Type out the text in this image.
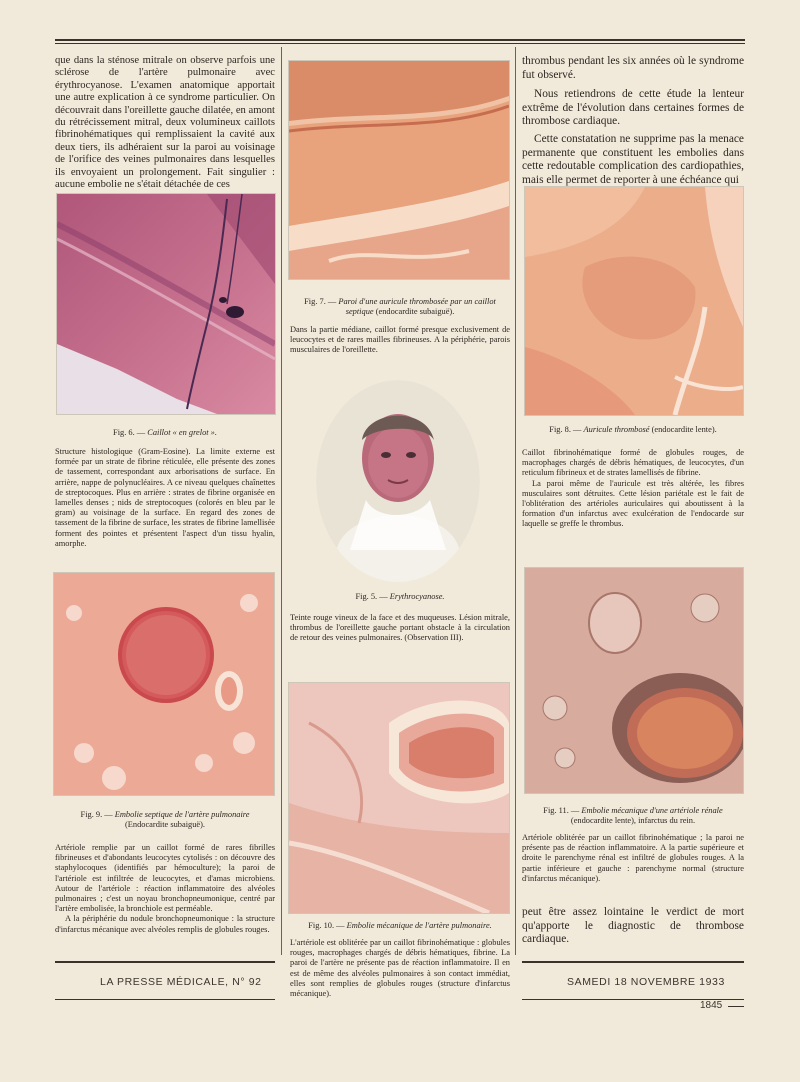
que dans la sténose mitrale on observe parfois une sclérose de l'artère pulmonaire avec érythrocyanose. L'examen anatomique apportait une autre explication à ce syndrome particulier. On découvrait dans l'oreillette gauche dilatée, en amont du rétrécissement mitral, deux volumineux caillots fibrinohématiques qui remplissaient la cavité aux deux tiers, ils adhéraient sur la paroi au voisinage de l'orifice des veines pulmonaires dans lesquelles ils envoyaient un prolongement. Fait singulier : aucune embolie ne s'était détachée de ces

Fig. 6. — Caillot « en grelot ».

Structure histologique (Gram-Eosine). La limite externe est formée par un strate de fibrine réticulée, elle présente des zones de tassement, correspondant aux arborisations de surface. En arrière, nappe de polynucléaires. A ce niveau quelques chaînettes de streptocoques. Plus en arrière : strates de fibrine organisée en lamelles denses ; nids de streptocoques (colorés en bleu par le gram) au voisinage de la surface. En regard des zones de tassement de la fibrine de surface, les strates de fibrine lamellisée forment des pointes et présentent l'aspect d'un tissu hyalin, amorphe.

Fig. 9. — Embolie septique de l'artère pulmonaire

(Endocardite subaiguë).

Artériole remplie par un caillot formé de rares fibrilles fibrineuses et d'abondants leucocytes cytolisés : on découvre des staphylocoques (identifiés par hémoculture); la paroi de l'artériole est infiltrée de leucocytes, et d'amas microbiens. Autour de l'artériole : réaction inflammatoire des alvéoles pulmonaires ; c'est un noyau bronchopneumonique, centré par l'artère embolisée, la bronchiole est perméable.

A la périphérie du nodule bronchopneumonique : la structure d'infarctus mécanique avec alvéoles remplis de globules rouges.

Fig. 7. — Paroi d'une auricule thrombosée par un caillot septique (endocardite subaiguë).

Dans la partie médiane, caillot formé presque exclusivement de leucocytes et de rares mailles fibrineuses. A la périphérie, parois musculaires de l'oreillette.

Fig. 5. — Erythrocyanose.

Teinte rouge vineux de la face et des muqueuses. Lésion mitrale, thrombus de l'oreillette gauche portant obstacle à la circulation de retour des veines pulmonaires. (Observation III).

Fig. 10. — Embolie mécanique de l'artère pulmonaire.

L'artériole est oblitérée par un caillot fibrinohématique : globules rouges, macrophages chargés de débris hématiques, fibrine. La paroi de l'artère ne présente pas de réaction inflammatoire. Il en est de même des alvéoles pulmonaires à son contact immédiat, elles sont remplies de globules rouges (structure d'infarctus mécanique).

thrombus pendant les six années où le syndrome fut observé.

Nous retiendrons de cette étude la lenteur extrême de l'évolution dans certaines formes de thrombose cardiaque.

Cette constatation ne supprime pas la menace permanente que constituent les embolies dans cette redoutable complication des cardiopathies, mais elle permet de reporter à une échéance qui

Fig. 8. — Auricule thrombosé (endocardite lente).

Caillot fibrinohématique formé de globules rouges, de macrophages chargés de débris hématiques, de leucocytes, d'un reticulum fibrineux et de strates lamellisés de fibrine.

La paroi même de l'auricule est très altérée, les fibres musculaires sont détruites. Cette lésion pariétale est le fait de l'oblitération des artérioles auriculaires qui aboutissent à la formation d'un infarctus avec exulcération de l'endocarde sur laquelle se greffe le thrombus.

Fig. 11. — Embolie mécanique d'une artériole rénale

(endocardite lente), infarctus du rein.

Artériole oblitérée par un caillot fibrinohématique ; la paroi ne présente pas de réaction inflammatoire. A la partie supérieure et droite le parenchyme rénal est infiltré de globules rouges. A la partie inférieure et gauche : parenchyme normal (structure d'infarctus mécanique).

peut être assez lointaine le verdict de mort qu'apporte le diagnostic de thrombose cardiaque.

LA PRESSE MÉDICALE, N° 92	SAMEDI 18 NOVEMBRE 1933
1845
